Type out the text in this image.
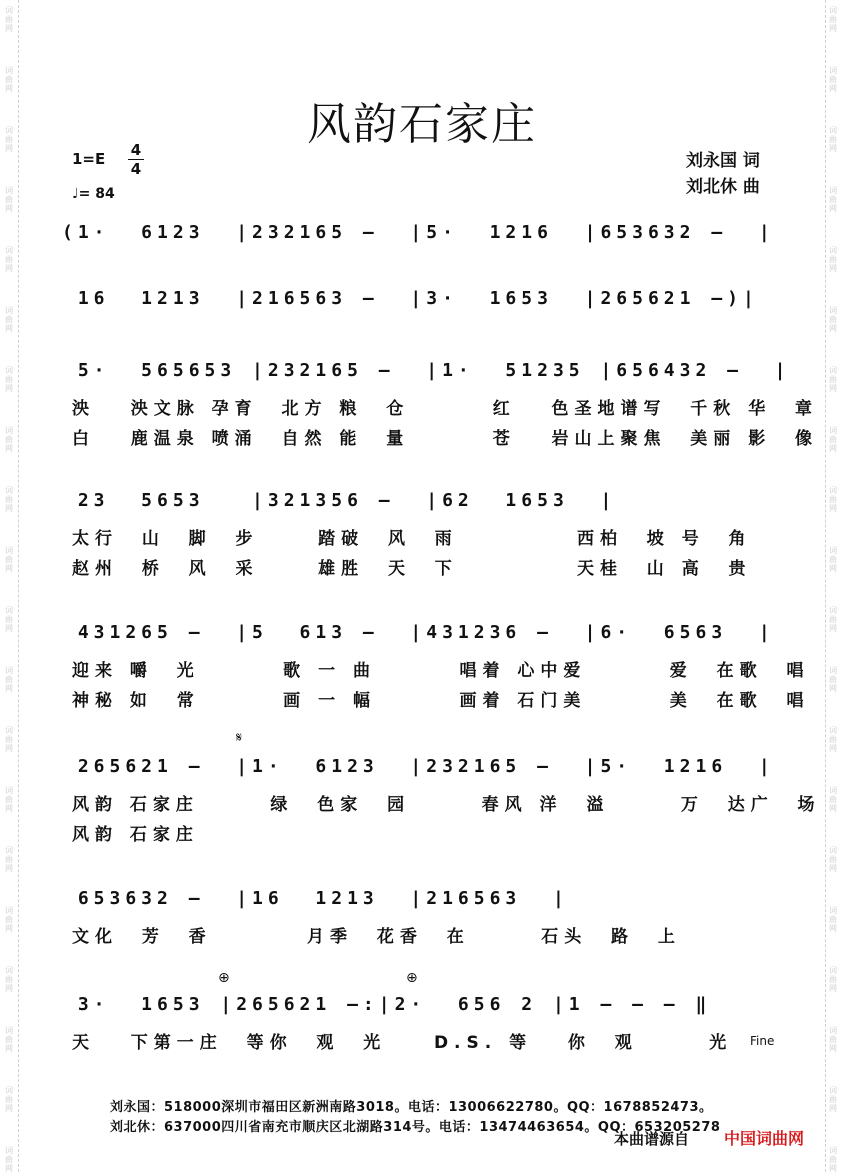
词
曲
网
词
曲
网
词
曲
网
词
曲
网
词
曲
网
词
曲
网
词
曲
网
词
曲
网
词
曲
网
词
曲
网
词
曲
网
词
曲
网
词
曲
网
词
曲
网
词
曲
网
词
曲
网
词
曲
网
词
曲
网
词
曲
网
词
曲
网
词
曲
网
词
曲
网
词
曲
网
词
曲
网
词
曲
网
词
曲
网
词
曲
网
词
曲
网
词
曲
网
词
曲
网
词
曲
网
词
曲
网
词
曲
网
词
曲
网
词
曲
网
词
曲
网
词
曲
网
词
曲
网
词
曲
网
词
曲
网
风韵石家庄
1=E 4
4
♩= 84
刘永国 词
刘北休 曲
(1·  6123  |232165 —  |5·  1216  |653632 —  |
16  1213  |216563 —  |3·  1653  |265621 —)|
5·  565653 |232165 —  |1·  51235 |656432 —  |
泱   泱文脉 孕育  北方 粮  仓       红   色圣地谱写  千秋 华  章
白   鹿温泉 喷涌  自然 能  量       苍   岩山上聚焦  美丽 影  像
23  5653   |321356 —  |62  1653  |
太行  山  脚  步     踏破  风  雨          西柏  坡 号  角
赵州  桥  风  采     雄胜  天  下          天桂  山 高  贵
431265 —  |5  613 —  |431236 —  |6·  6563  |
迎来 嚼  光       歌 一 曲       唱着 心中爱       爱  在歌  唱
神秘 如  常       画 一 幅       画着 石门美       美  在歌  唱
𝄋
265621 —  |1·  6123  |232165 —  |5·  1216  |
风韵 石家庄      绿  色家  园      春风 洋  溢      万  达广  场
风韵 石家庄
653632 —  |16  1213  |216563  |
文化  芳  香        月季  花香  在      石头  路  上
⊕	⊕
3·  1653 |265621 —:|2·  656 2 |1 — — — ‖
天   下第一庄  等你  观  光    D.S. 等   你  观      光 Fine
刘永国：518000深圳市福田区新洲南路3018。电话：13006622780。QQ：1678852473。
刘北休：637000四川省南充市顺庆区北湖路314号。电话：13474463654。QQ：653205278
本曲谱源自 中国词曲网
